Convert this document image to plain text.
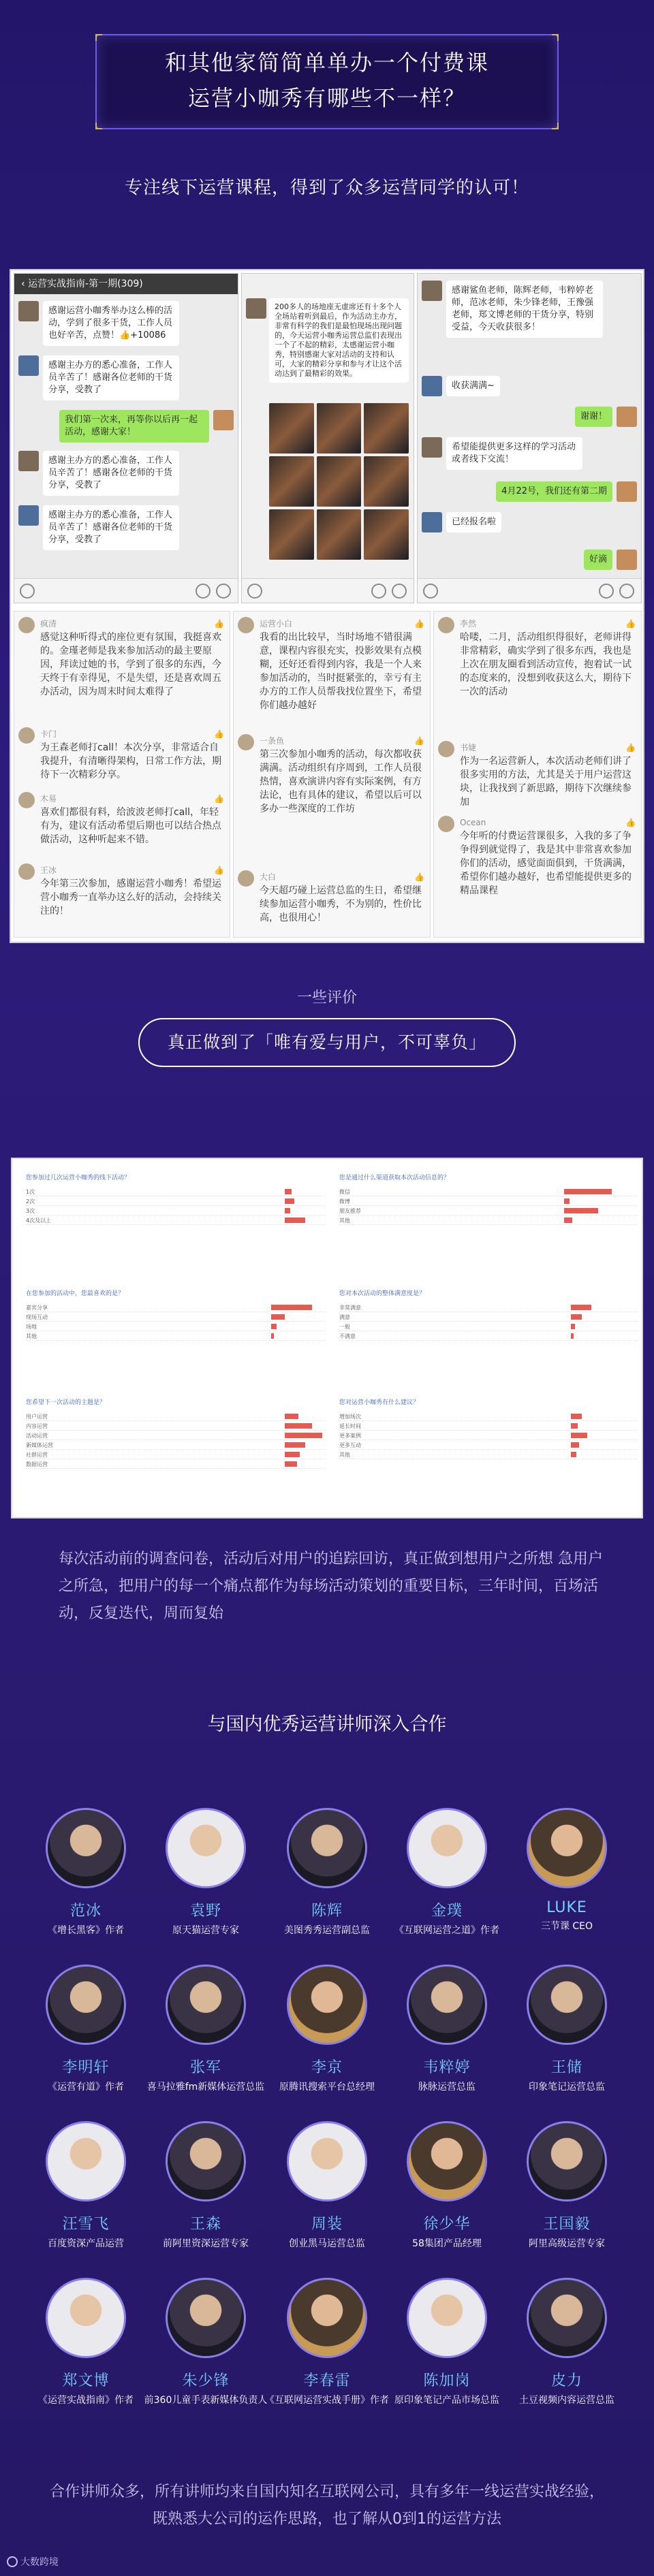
和其他家简简单单办一个付费课
运营小咖秀有哪些不一样？
专注线下运营课程，得到了众多运营同学的认可！
‹ 运营实战指南-第一期(309)
感谢运营小咖秀举办这么棒的活动，学到了很多干货，工作人员也好辛苦，点赞！👍+10086
感谢主办方的悉心准备，工作人员辛苦了！感谢各位老师的干货分享，受教了
我们第一次来，再等你以后再一起活动，感谢大家！
感谢主办方的悉心准备，工作人员辛苦了！感谢各位老师的干货分享，受教了
感谢主办方的悉心准备，工作人员辛苦了！感谢各位老师的干货分享，受教了
200多人的场地座无虚席还有十多个人全场站着听到最后，作为活动主办方，非常有科学的我们是最怕现场出现问题的，今天运营小咖秀运营总监们表现出一个了不起的精彩，太感谢运营小咖秀，特别感谢大家对活动的支持和认可，大家的精彩分享和参与才让这个活动达到了最精彩的效果。
感谢鲨鱼老师，陈辉老师，韦粹婷老师，范冰老师，朱少锋老师，王豫强老师，郑文博老师的干货分享，特别受益，今天收获很多！
收获满满~
谢谢！
希望能提供更多这样的学习活动或者线下交流！
4月22号，我们还有第二期
已经报名啦
好滴
疯清
感觉这种听得式的座位更有氛围，我挺喜欢的。金瑾老师是我来参加活动的最主要原因，拜读过她的书，学到了很多的东西，今天终于有幸得见，不是失望，还是喜欢周五办活动，因为周末时间太难得了
👍
卡门
为王森老师打call！本次分享，非常适合自我提升，有清晰得架构，日常工作方法，期待下一次精彩分享。
👍
木易
喜欢们都很有料，给波波老师打call，年轻有为，建议有活动希望后期也可以结合热点做活动，这种听起来不错。
👍
王冰
今年第三次参加，感谢运营小咖秀！希望运营小咖秀一直举办这么好的活动，会持续关注的！
👍
运营小白
我看的出比较早，当时场地不错很满意，课程内容很充实，投影效果有点模糊，还好还看得到内容，我是一个人来参加活动的，当时挺紧张的，幸亏有主办方的工作人员帮我找位置坐下，希望你们越办越好
👍
一条鱼
第三次参加小咖秀的活动，每次都收获满满。活动组织有序周到，工作人员很热情，喜欢演讲内容有实际案例，有方法论，也有具体的建议，希望以后可以多办一些深度的工作坊
👍
大白
今天超巧碰上运营总监的生日，希望继续参加运营小咖秀，不为别的，性价比高，也很用心！
👍
李然
哈喽，二月，活动组织得很好，老师讲得非常精彩，确实学到了很多东西，我也是上次在朋友圈看到活动宣传，抱着试一试的态度来的，没想到收获这么大，期待下一次的活动
👍
书婕
作为一名运营新人，本次活动老师们讲了很多实用的方法，尤其是关于用户运营这块，让我找到了新思路，期待下次继续参加
👍
Ocean
今年听的付费运营课很多，入我的多了争争得到就觉得了，我是其中非常喜欢参加你们的活动，感觉面面俱到，干货满满，希望你们越办越好，也希望能提供更多的精品课程
👍
一些评价
真正做到了「唯有爱与用户，不可辜负」
您参加过几次运营小咖秀的线下活动？
1次
2次
3次
4次及以上
您是通过什么渠道获取本次活动信息的？
微信
微博
朋友推荐
其他
在您参加的活动中，您最喜欢的是？
嘉宾分享
现场互动
场地
其他
您对本次活动的整体满意度是？
非常满意
满意
一般
不满意
您希望下一次活动的主题是？
用户运营
内容运营
活动运营
新媒体运营
社群运营
数据运营
您对运营小咖秀有什么建议？
增加场次
延长时间
更多案例
更多互动
其他
每次活动前的调查问卷，活动后对用户的追踪回访，真正做到想用户之所想 急用户之所急，把用户的每一个痛点都作为每场活动策划的重要目标，三年时间，百场活动，反复迭代，周而复始
与国内优秀运营讲师深入合作
范冰
《增长黑客》作者
袁野
原天猫运营专家
陈辉
美图秀秀运营副总监
金璞
《互联网运营之道》作者
LUKE
三节课 CEO
李明轩
《运营有道》作者
张军
喜马拉雅fm新媒体运营总监
李京
原腾讯搜索平台总经理
韦粹婷
脉脉运营总监
王储
印象笔记运营总监
汪雪飞
百度资深产品运营
王森
前阿里资深运营专家
周装
创业黑马运营总监
徐少华
58集团产品经理
王国毅
阿里高级运营专家
郑文博
《运营实战指南》作者
朱少锋
前360儿童手表新媒体负责人
李春雷
《互联网运营实战手册》作者
陈加岗
原印象笔记产品市场总监
皮力
土豆视频内容运营总监
合作讲师众多，所有讲师均来自国内知名互联网公司，具有多年一线运营实战经验，既熟悉大公司的运作思路，也了解从0到1的运营方法
大数跨境
